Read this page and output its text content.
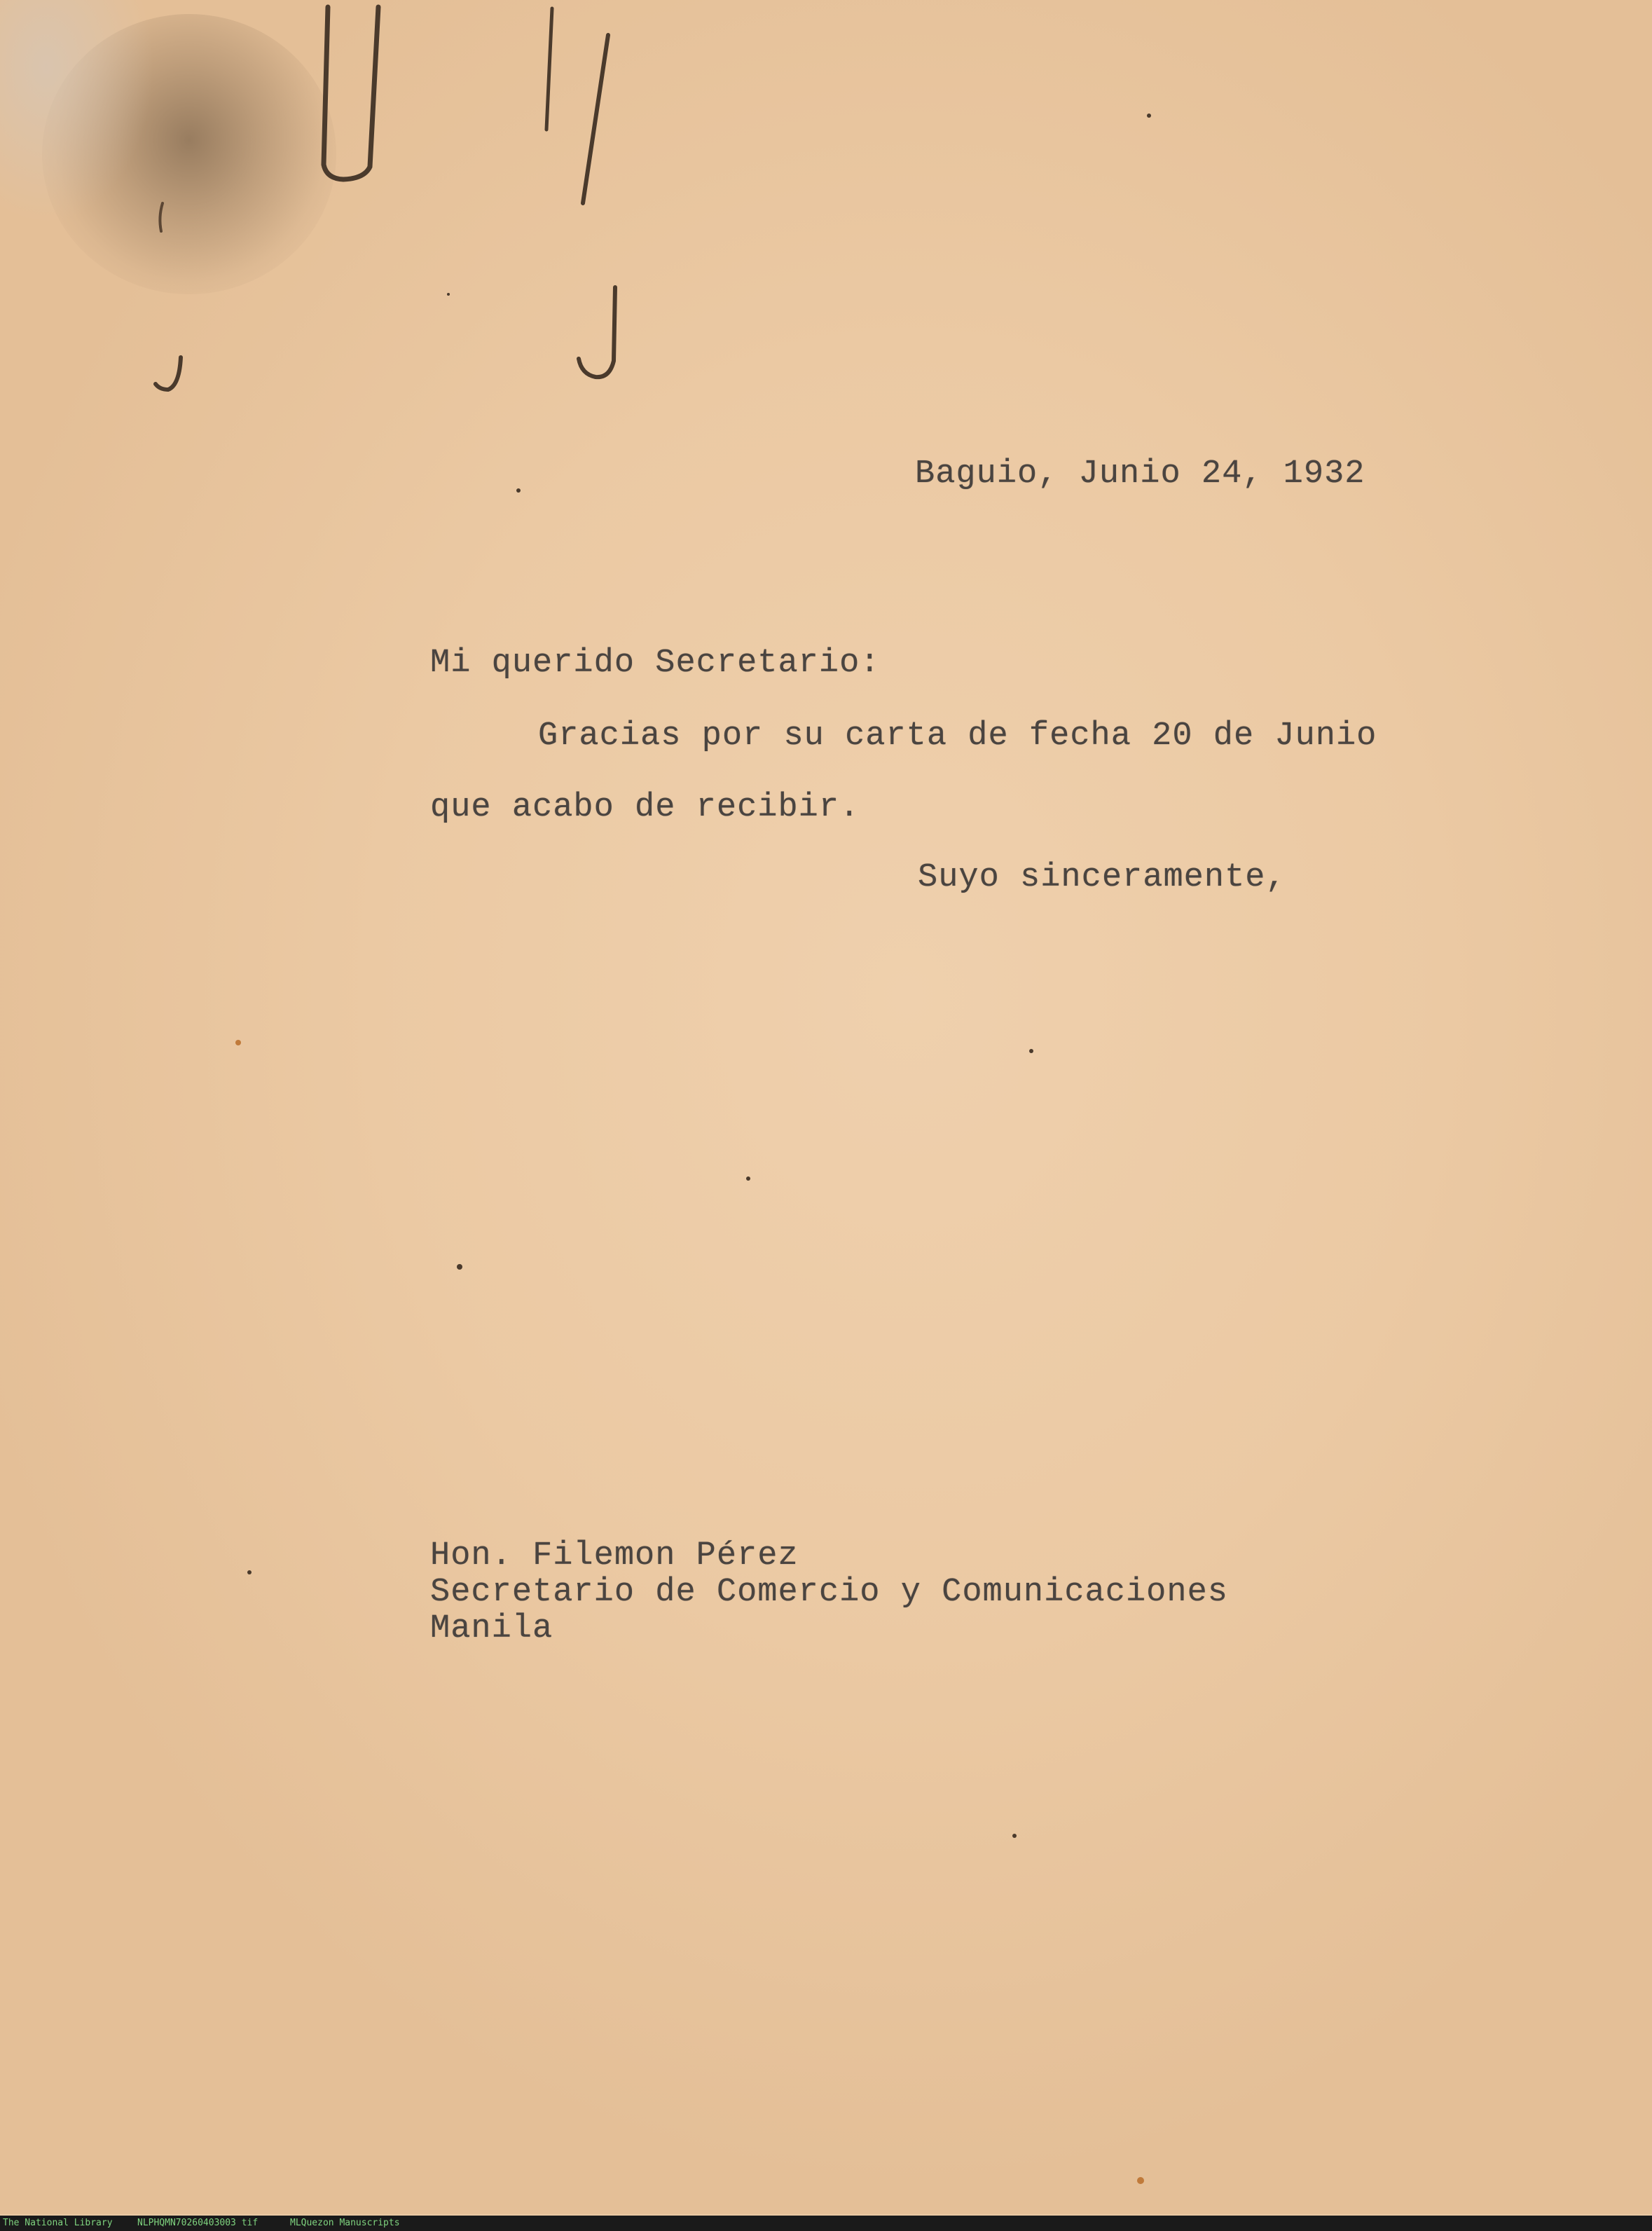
Baguio, Junio 24, 1932
Mi querido Secretario:
Gracias por su carta de fecha 20 de Junio
que acabo de recibir.
Suyo sinceramente,
Hon. Filemon Pérez
Secretario de Comercio y Comunicaciones
Manila
The National Library	NLPHQMN70260403003 tif	MLQuezon Manuscripts
